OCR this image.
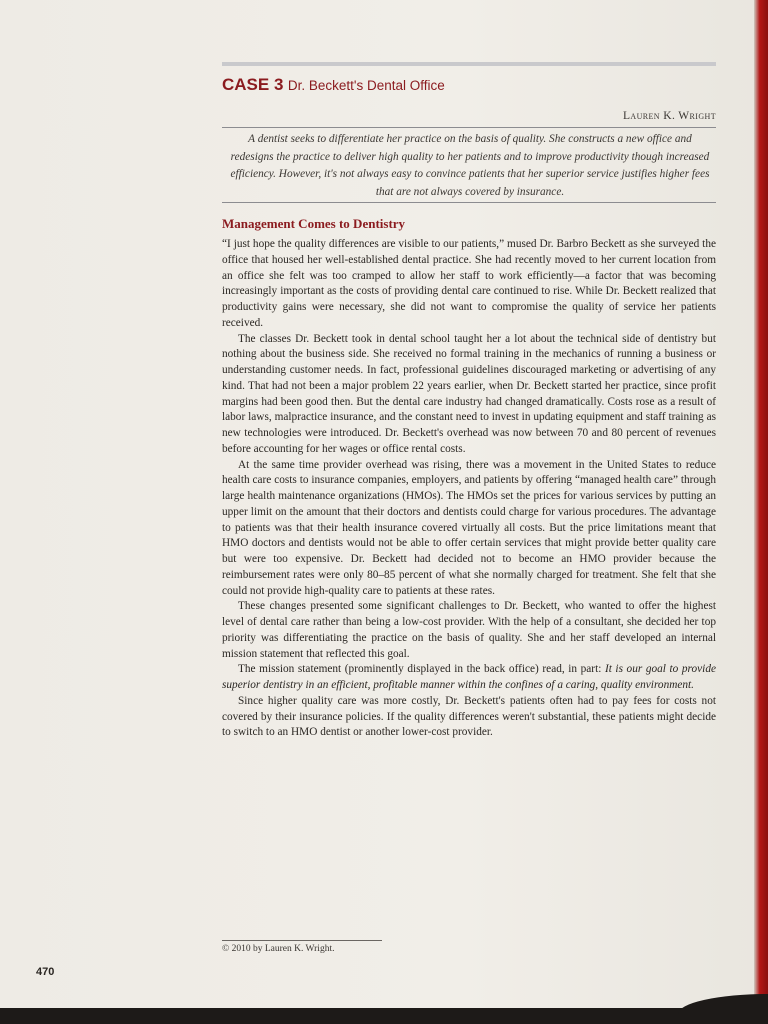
CASE 3 Dr. Beckett's Dental Office

Lauren K. Wright

A dentist seeks to differentiate her practice on the basis of quality. She constructs a new office and redesigns the practice to deliver high quality to her patients and to improve productivity though increased efficiency. However, it's not always easy to convince patients that her superior service justifies higher fees that are not always covered by insurance.

Management Comes to Dentistry

“I just hope the quality differences are visible to our patients,” mused Dr. Barbro Beckett as she surveyed the office that housed her well-established dental practice. She had recently moved to her current location from an office she felt was too cramped to allow her staff to work efficiently—a factor that was becoming increasingly important as the costs of providing dental care continued to rise. While Dr. Beckett realized that productivity gains were necessary, she did not want to compromise the quality of service her patients received.

The classes Dr. Beckett took in dental school taught her a lot about the technical side of dentistry but nothing about the business side. She received no formal training in the mechanics of running a business or understanding customer needs. In fact, professional guidelines discouraged marketing or advertising of any kind. That had not been a major problem 22 years earlier, when Dr. Beckett started her practice, since profit margins had been good then. But the dental care industry had changed dramatically. Costs rose as a result of labor laws, malpractice insurance, and the constant need to invest in updating equipment and staff training as new technologies were introduced. Dr. Beckett's overhead was now between 70 and 80 percent of revenues before accounting for her wages or office rental costs.

At the same time provider overhead was rising, there was a movement in the United States to reduce health care costs to insurance companies, employers, and patients by offering “managed health care” through large health maintenance organizations (HMOs). The HMOs set the prices for various services by putting an upper limit on the amount that their doctors and dentists could charge for various procedures. The advantage to patients was that their health insurance covered virtually all costs. But the price limitations meant that HMO doctors and dentists would not be able to offer certain services that might provide better quality care but were too expensive. Dr. Beckett had decided not to become an HMO provider because the reimbursement rates were only 80–85 percent of what she normally charged for treatment. She felt that she could not provide high-quality care to patients at these rates.

These changes presented some significant challenges to Dr. Beckett, who wanted to offer the highest level of dental care rather than being a low-cost provider. With the help of a consultant, she decided her top priority was differentiating the practice on the basis of quality. She and her staff developed an internal mission statement that reflected this goal.

The mission statement (prominently displayed in the back office) read, in part: It is our goal to provide superior dentistry in an efficient, profitable manner within the confines of a caring, quality environment.

Since higher quality care was more costly, Dr. Beckett's patients often had to pay fees for costs not covered by their insurance policies. If the quality differences weren't substantial, these patients might decide to switch to an HMO dentist or another lower-cost provider.

© 2010 by Lauren K. Wright.

470
